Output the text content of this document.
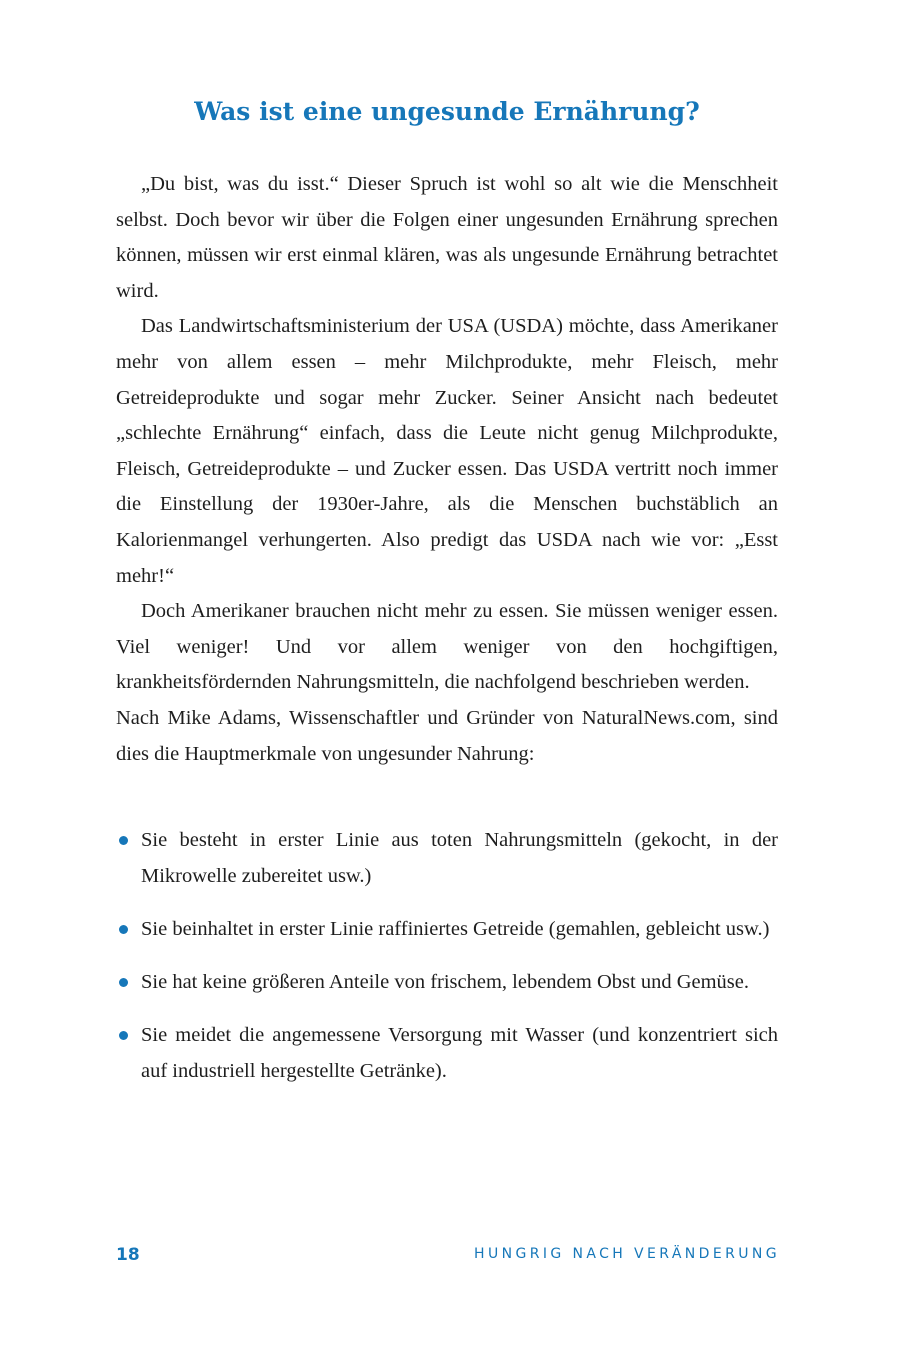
Was ist eine ungesunde Ernährung?

„Du bist, was du isst.“ Dieser Spruch ist wohl so alt wie die Menschheit selbst. Doch bevor wir über die Folgen einer ungesunden Ernährung sprechen können, müssen wir erst einmal klären, was als ungesunde Ernährung betrachtet wird.

Das Landwirtschaftsministerium der USA (USDA) möchte, dass Amerikaner mehr von allem essen – mehr Milchprodukte, mehr Fleisch, mehr Getreideprodukte und sogar mehr Zucker. Seiner Ansicht nach bedeutet „schlechte Ernährung“ einfach, dass die Leute nicht genug Milchprodukte, Fleisch, Getreideprodukte – und Zucker essen. Das USDA vertritt noch immer die Einstellung der 1930er-Jahre, als die Menschen buchstäblich an Kalorienmangel verhungerten. Also predigt das USDA nach wie vor: „Esst mehr!“

Doch Amerikaner brauchen nicht mehr zu essen. Sie müssen weniger essen. Viel weniger! Und vor allem weniger von den hochgiftigen, krankheitsfördernden Nahrungsmitteln, die nachfolgend beschrieben werden.

Nach Mike Adams, Wissenschaftler und Gründer von NaturalNews.com, sind dies die Hauptmerkmale von ungesunder Nahrung:

Sie besteht in erster Linie aus toten Nahrungsmitteln (gekocht, in der Mikrowelle zubereitet usw.)
Sie beinhaltet in erster Linie raffiniertes Getreide (gemahlen, gebleicht usw.)
Sie hat keine größeren Anteile von frischem, lebendem Obst und Gemüse.
Sie meidet die angemessene Versorgung mit Wasser (und konzentriert sich auf industriell hergestellte Getränke).
18	HUNGRIG NACH VERÄNDERUNG
